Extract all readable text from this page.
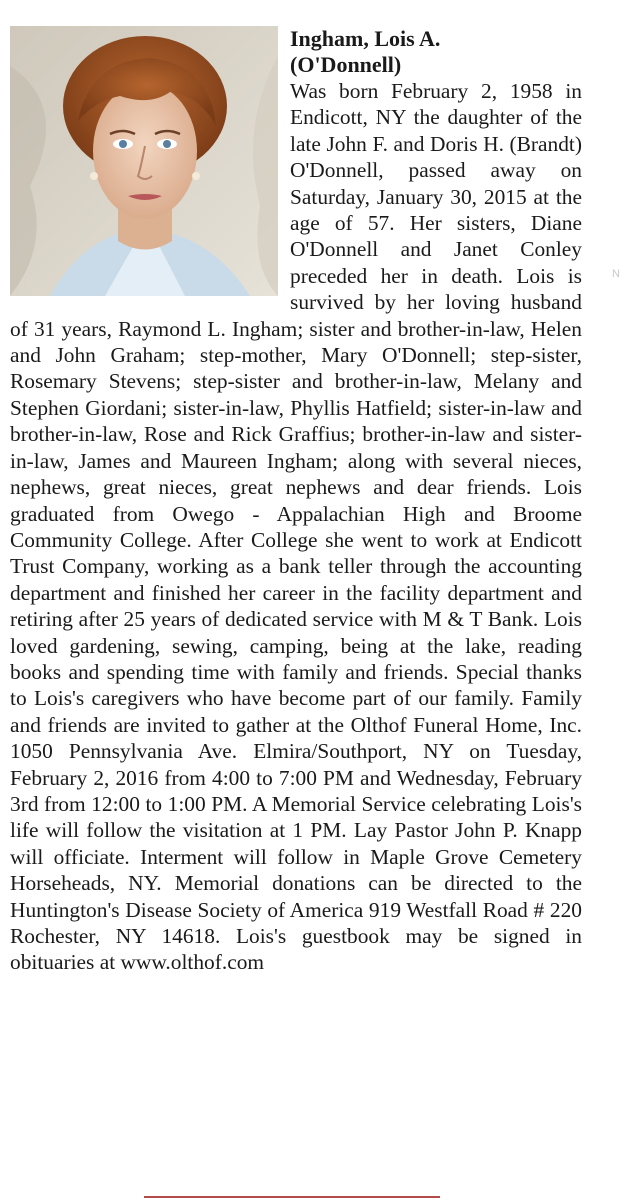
Ingham, Lois A.

(O'Donnell)

Was born February 2, 1958 in Endicott, NY the daughter of the late John F. and Doris H. (Brandt) O'Donnell, passed away on Saturday, January 30, 2015 at the age of 57. Her sisters, Diane O'Donnell and Janet Conley preceded her in death. Lois is survived by her loving husband of 31 years, Raymond L. Ingham; sister and brother-in-law, Helen and John Graham; step-mother, Mary O'Donnell; step-sister, Rosemary Stevens; step-sister and brother-in-law, Melany and Stephen Giordani; sister-in-law, Phyllis Hatfield; sister-in-law and brother-in-law, Rose and Rick Graffius; brother-in-law and sister-in-law, James and Maureen Ingham; along with several nieces, nephews, great nieces, great nephews and dear friends. Lois graduated from Owego - Appalachian High and Broome Community College. After College she went to work at Endicott Trust Company, working as a bank teller through the accounting department and finished her career in the facility department and retiring after 25 years of dedicated service with M & T Bank. Lois loved gardening, sewing, camping, being at the lake, reading books and spending time with family and friends. Special thanks to Lois's caregivers who have become part of our family. Family and friends are invited to gather at the Olthof Funeral Home, Inc. 1050 Pennsylvania Ave. Elmira/Southport, NY on Tuesday, February 2, 2016 from 4:00 to 7:00 PM and Wednesday, February 3rd from 12:00 to 1:00 PM. A Memorial Service celebrating Lois's life will follow the visitation at 1 PM. Lay Pastor John P. Knapp will officiate. Interment will follow in Maple Grove Cemetery Horseheads, NY. Memorial donations can be directed to the Huntington's Disease Society of America 919 Westfall Road # 220 Rochester, NY 14618. Lois's guestbook may be signed in obituaries at www.olthof.com

N
